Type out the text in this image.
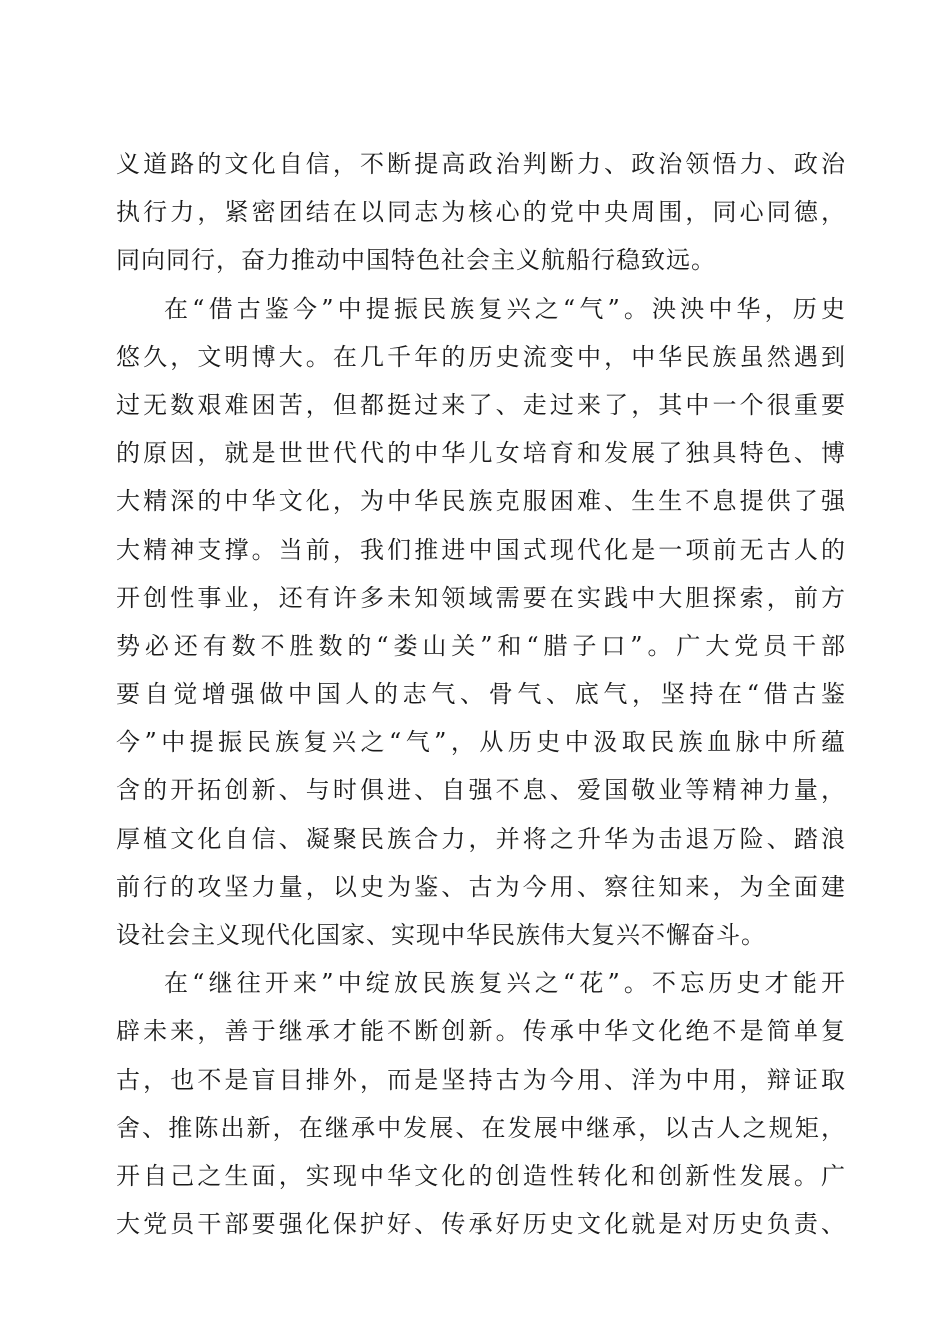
义道路的文化自信，不断提高政治判断力、政治领悟力、政治
执行力，紧密团结在以同志为核心的党中央周围，同心同德，
同向同行，奋力推动中国特色社会主义航船行稳致远。
在“借古鉴今”中提振民族复兴之“气”。泱泱中华，历史
悠久，文明博大。在几千年的历史流变中，中华民族虽然遇到
过无数艰难困苦，但都挺过来了、走过来了，其中一个很重要
的原因，就是世世代代的中华儿女培育和发展了独具特色、博
大精深的中华文化，为中华民族克服困难、生生不息提供了强
大精神支撑。当前，我们推进中国式现代化是一项前无古人的
开创性事业，还有许多未知领域需要在实践中大胆探索，前方
势必还有数不胜数的“娄山关”和“腊子口”。广大党员干部
要自觉增强做中国人的志气、骨气、底气，坚持在“借古鉴
今”中提振民族复兴之“气”，从历史中汲取民族血脉中所蕴
含的开拓创新、与时俱进、自强不息、爱国敬业等精神力量，
厚植文化自信、凝聚民族合力，并将之升华为击退万险、踏浪
前行的攻坚力量，以史为鉴、古为今用、察往知来，为全面建
设社会主义现代化国家、实现中华民族伟大复兴不懈奋斗。
在“继往开来”中绽放民族复兴之“花”。不忘历史才能开
辟未来，善于继承才能不断创新。传承中华文化绝不是简单复
古，也不是盲目排外，而是坚持古为今用、洋为中用，辩证取
舍、推陈出新，在继承中发展、在发展中继承，以古人之规矩，
开自己之生面，实现中华文化的创造性转化和创新性发展。广
大党员干部要强化保护好、传承好历史文化就是对历史负责、
